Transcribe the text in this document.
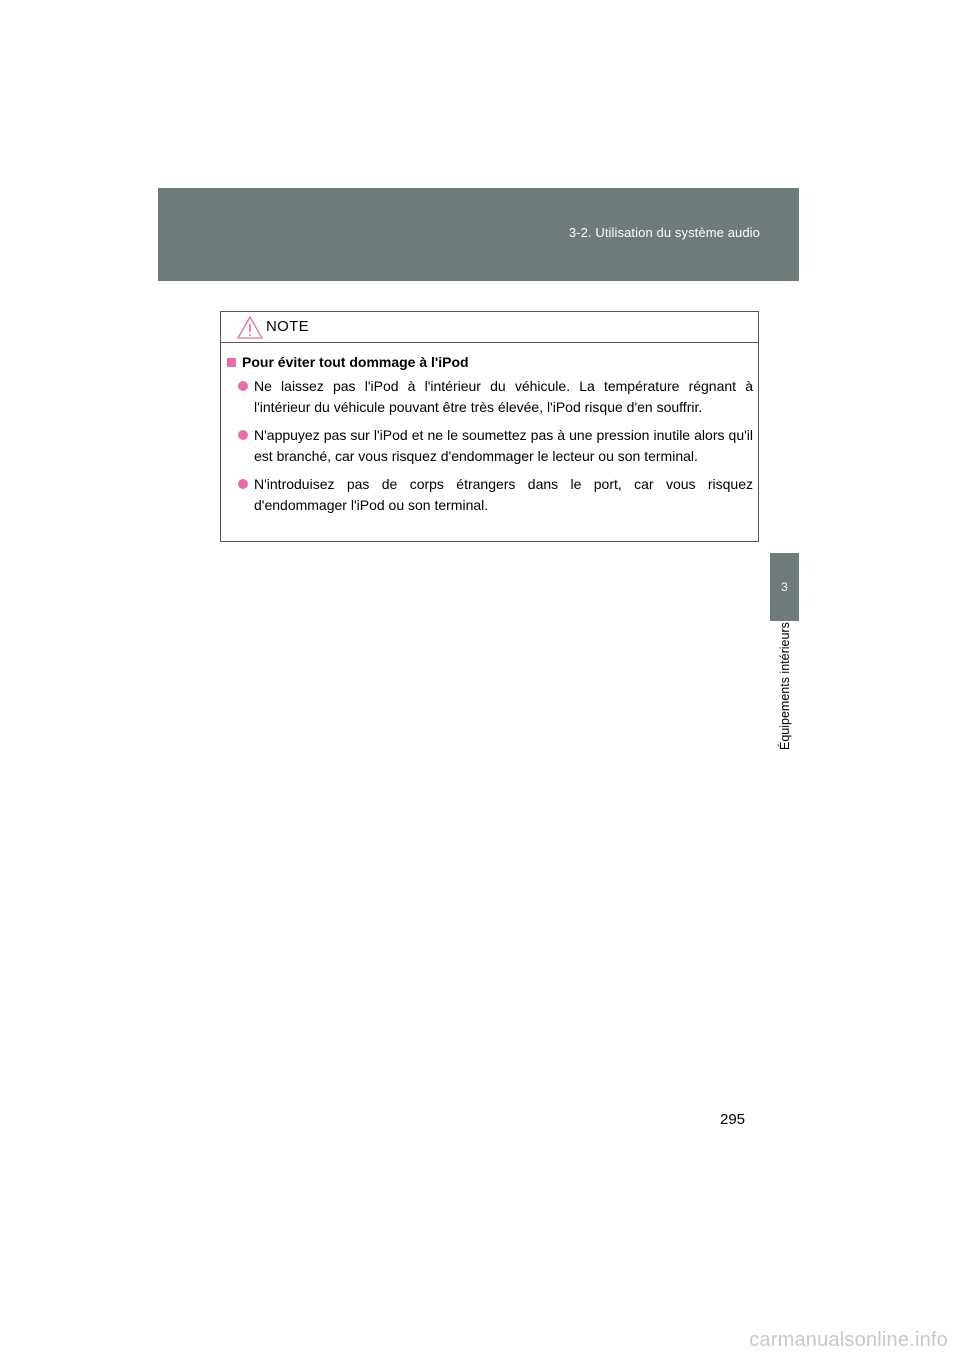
3-2. Utilisation du système audio
3
Équipements intérieurs
NOTE
Pour éviter tout dommage à l'iPod
Ne laissez pas l'iPod à l'intérieur du véhicule. La température régnant à l'intérieur du véhicule pouvant être très élevée, l'iPod risque d'en souffrir.
N'appuyez pas sur l'iPod et ne le soumettez pas à une pression inutile alors qu'il est branché, car vous risquez d'endommager le lecteur ou son terminal.
N'introduisez pas de corps étrangers dans le port, car vous risquez d'endommager l'iPod ou son terminal.
295
carmanualsonline.info
